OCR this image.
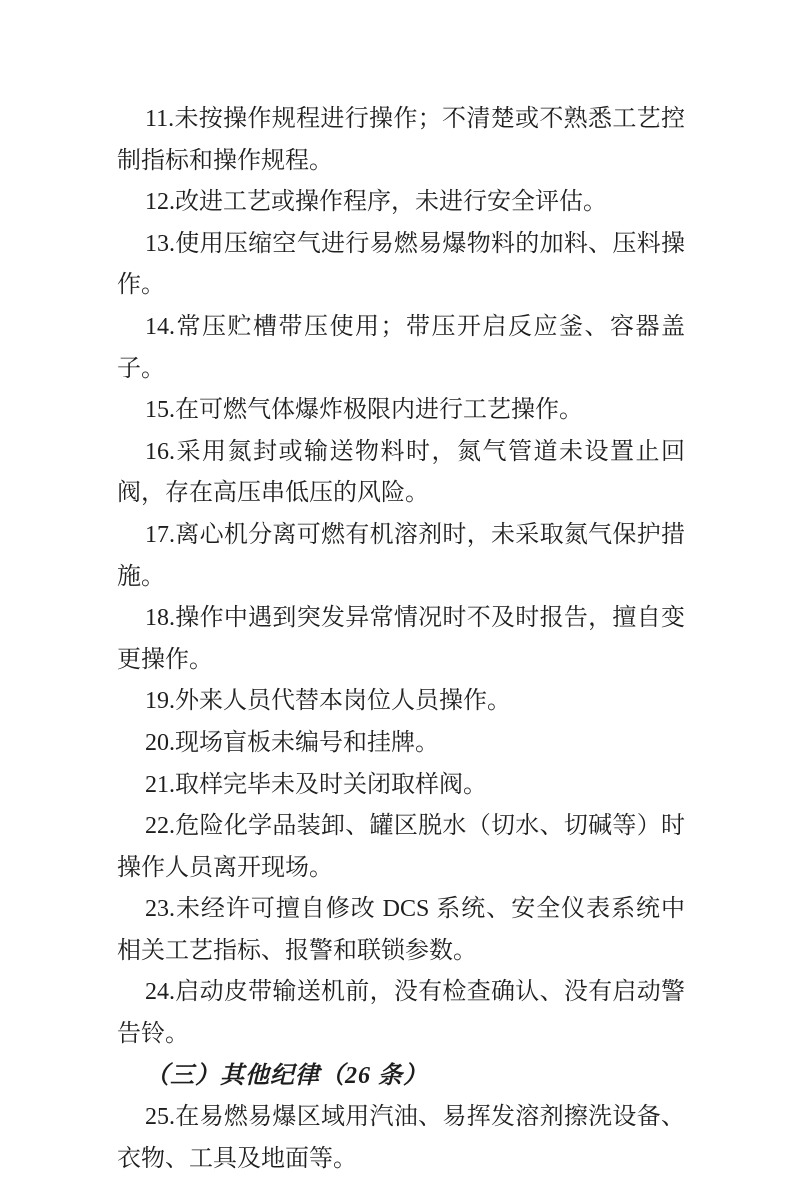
11.未按操作规程进行操作；不清楚或不熟悉工艺控制指标和操作规程。

12.改进工艺或操作程序，未进行安全评估。

13.使用压缩空气进行易燃易爆物料的加料、压料操作。

14.常压贮槽带压使用；带压开启反应釜、容器盖子。

15.在可燃气体爆炸极限内进行工艺操作。

16.采用氮封或输送物料时，氮气管道未设置止回阀，存在高压串低压的风险。

17.离心机分离可燃有机溶剂时，未采取氮气保护措施。

18.操作中遇到突发异常情况时不及时报告，擅自变更操作。

19.外来人员代替本岗位人员操作。

20.现场盲板未编号和挂牌。

21.取样完毕未及时关闭取样阀。

22.危险化学品装卸、罐区脱水（切水、切碱等）时操作人员离开现场。

23.未经许可擅自修改 DCS 系统、安全仪表系统中相关工艺指标、报警和联锁参数。

24.启动皮带输送机前，没有检查确认、没有启动警告铃。

（三）其他纪律（26 条）

25.在易燃易爆区域用汽油、易挥发溶剂擦洗设备、衣物、工具及地面等。
